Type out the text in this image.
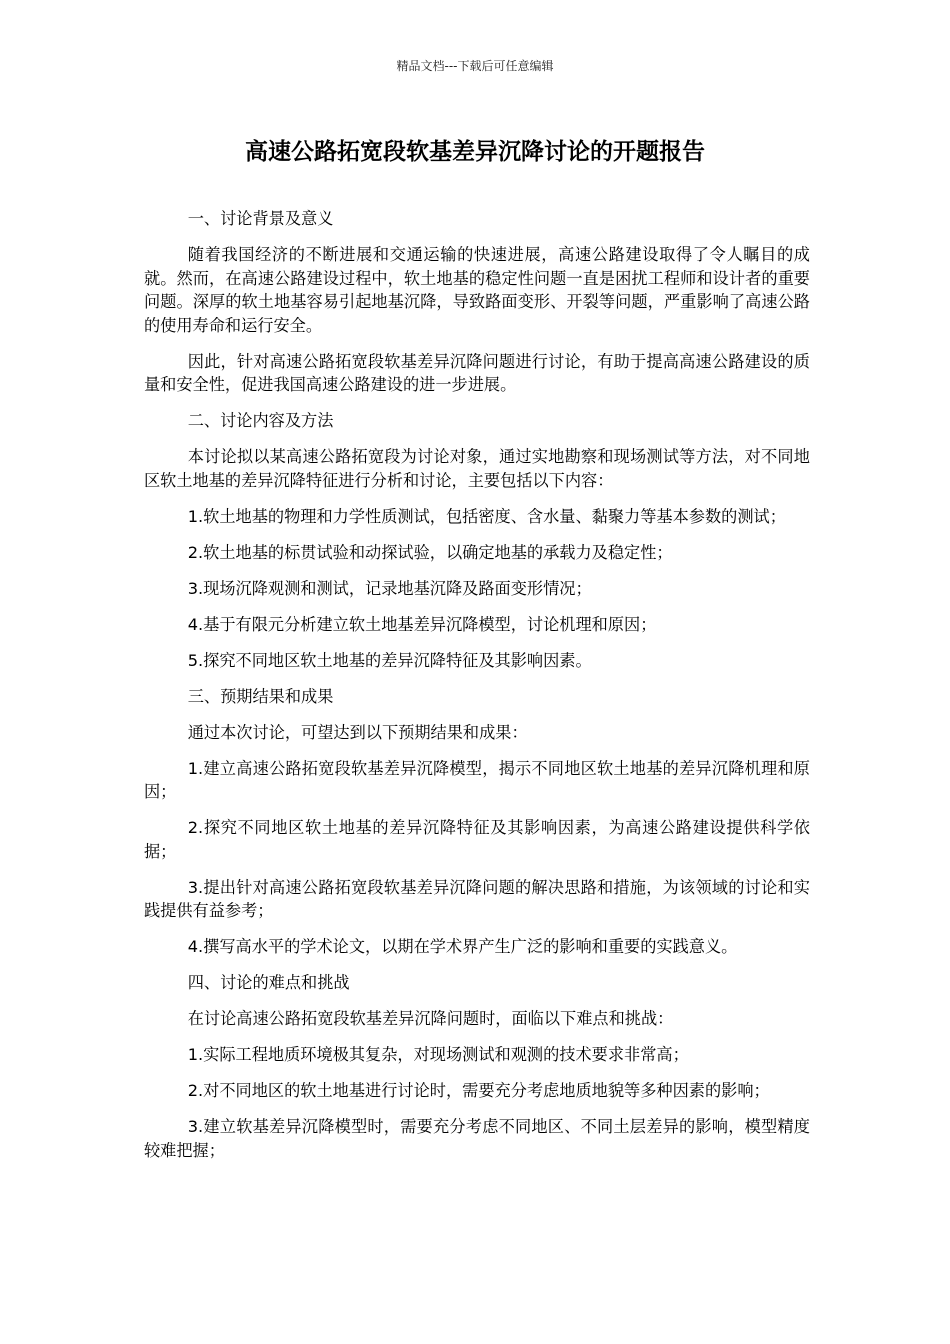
精品文档---下载后可任意编辑
高速公路拓宽段软基差异沉降讨论的开题报告

一、讨论背景及意义

随着我国经济的不断进展和交通运输的快速进展，高速公路建设取得了令人瞩目的成就。然而，在高速公路建设过程中，软土地基的稳定性问题一直是困扰工程师和设计者的重要问题。深厚的软土地基容易引起地基沉降，导致路面变形、开裂等问题，严重影响了高速公路的使用寿命和运行安全。

因此，针对高速公路拓宽段软基差异沉降问题进行讨论，有助于提高高速公路建设的质量和安全性，促进我国高速公路建设的进一步进展。

二、讨论内容及方法

本讨论拟以某高速公路拓宽段为讨论对象，通过实地勘察和现场测试等方法，对不同地区软土地基的差异沉降特征进行分析和讨论，主要包括以下内容：

1.软土地基的物理和力学性质测试，包括密度、含水量、黏聚力等基本参数的测试；

2.软土地基的标贯试验和动探试验，以确定地基的承载力及稳定性；

3.现场沉降观测和测试，记录地基沉降及路面变形情况；

4.基于有限元分析建立软土地基差异沉降模型，讨论机理和原因；

5.探究不同地区软土地基的差异沉降特征及其影响因素。

三、预期结果和成果

通过本次讨论，可望达到以下预期结果和成果：

1.建立高速公路拓宽段软基差异沉降模型，揭示不同地区软土地基的差异沉降机理和原因；

2.探究不同地区软土地基的差异沉降特征及其影响因素，为高速公路建设提供科学依据；

3.提出针对高速公路拓宽段软基差异沉降问题的解决思路和措施，为该领域的讨论和实践提供有益参考；

4.撰写高水平的学术论文，以期在学术界产生广泛的影响和重要的实践意义。

四、讨论的难点和挑战

在讨论高速公路拓宽段软基差异沉降问题时，面临以下难点和挑战：

1.实际工程地质环境极其复杂，对现场测试和观测的技术要求非常高；

2.对不同地区的软土地基进行讨论时，需要充分考虑地质地貌等多种因素的影响；

3.建立软基差异沉降模型时，需要充分考虑不同地区、不同土层差异的影响，模型精度较难把握；
